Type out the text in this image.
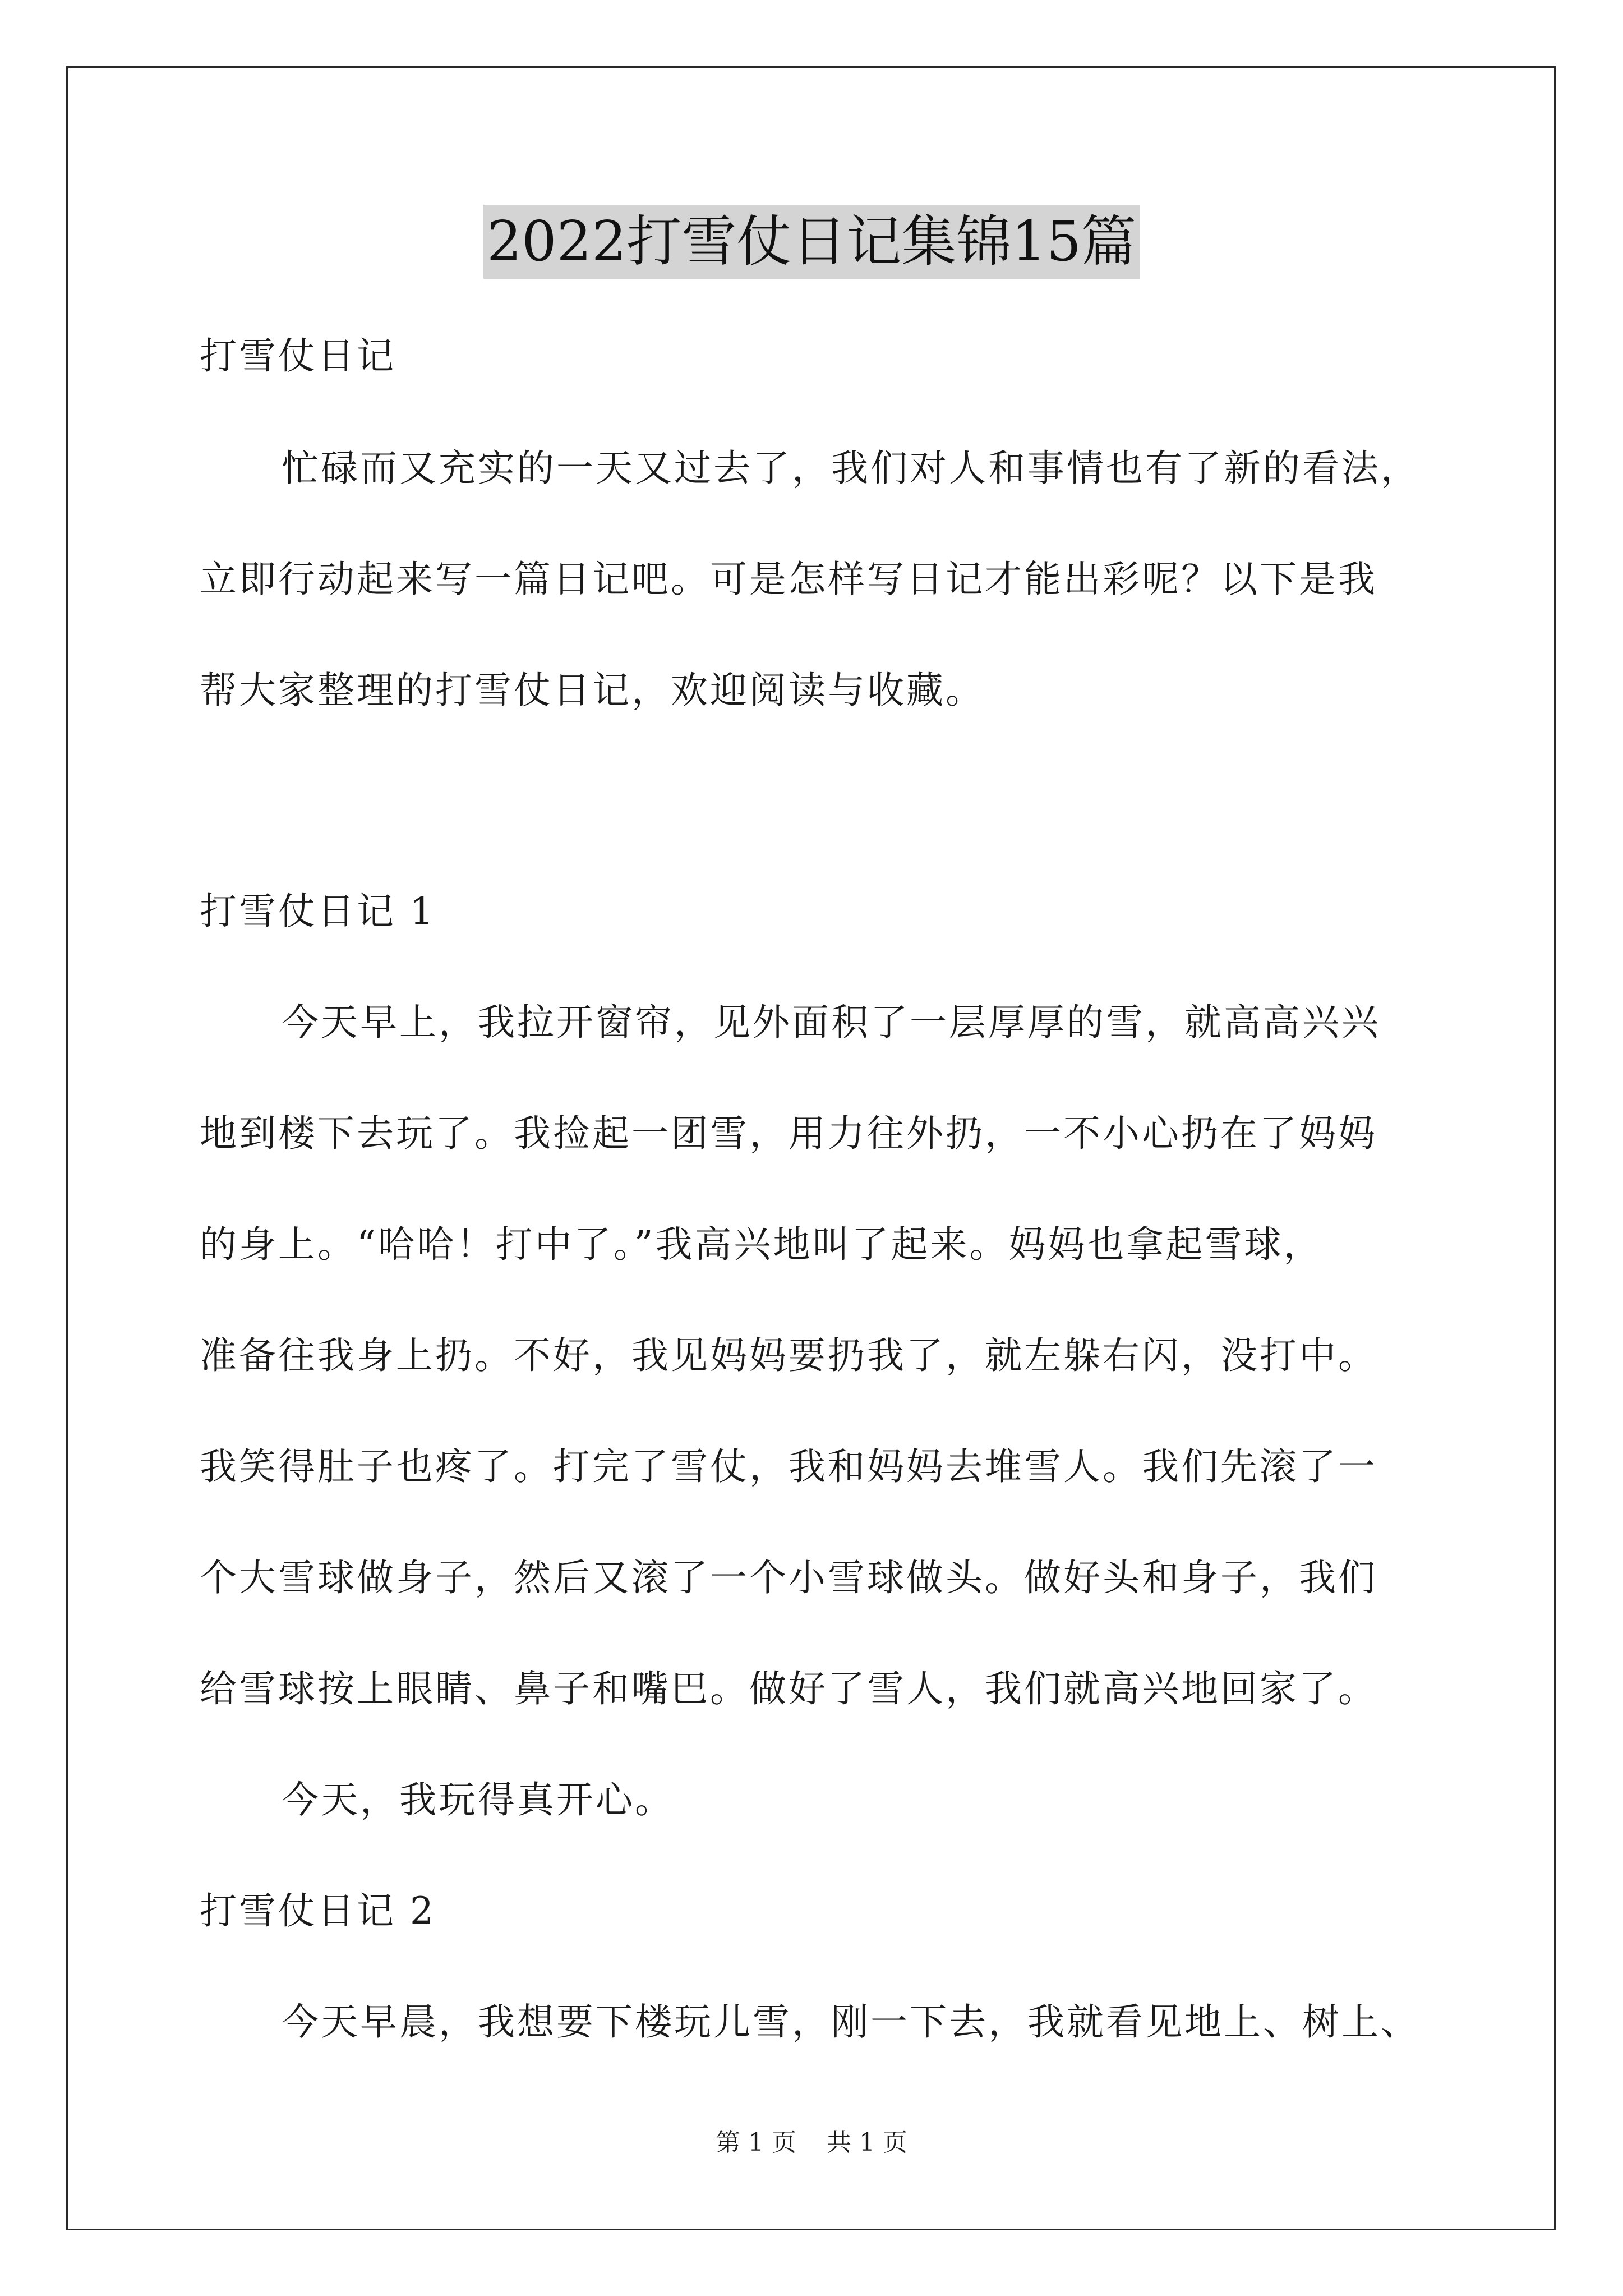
2022打雪仗日记集锦15篇
打雪仗日记
忙碌而又充实的一天又过去了，我们对人和事情也有了新的看法，
立即行动起来写一篇日记吧。可是怎样写日记才能出彩呢？以下是我
帮大家整理的打雪仗日记，欢迎阅读与收藏。
打雪仗日记 1
今天早上，我拉开窗帘，见外面积了一层厚厚的雪，就高高兴兴
地到楼下去玩了。我捡起一团雪，用力往外扔，一不小心扔在了妈妈
的身上。“哈哈！打中了。”我高兴地叫了起来。妈妈也拿起雪球，
准备往我身上扔。不好，我见妈妈要扔我了，就左躲右闪，没打中。
我笑得肚子也疼了。打完了雪仗，我和妈妈去堆雪人。我们先滚了一
个大雪球做身子，然后又滚了一个小雪球做头。做好头和身子，我们
给雪球按上眼睛、鼻子和嘴巴。做好了雪人，我们就高兴地回家了。
今天，我玩得真开心。
打雪仗日记 2
今天早晨，我想要下楼玩儿雪，刚一下去，我就看见地上、树上、
第 1 页 共 1 页
